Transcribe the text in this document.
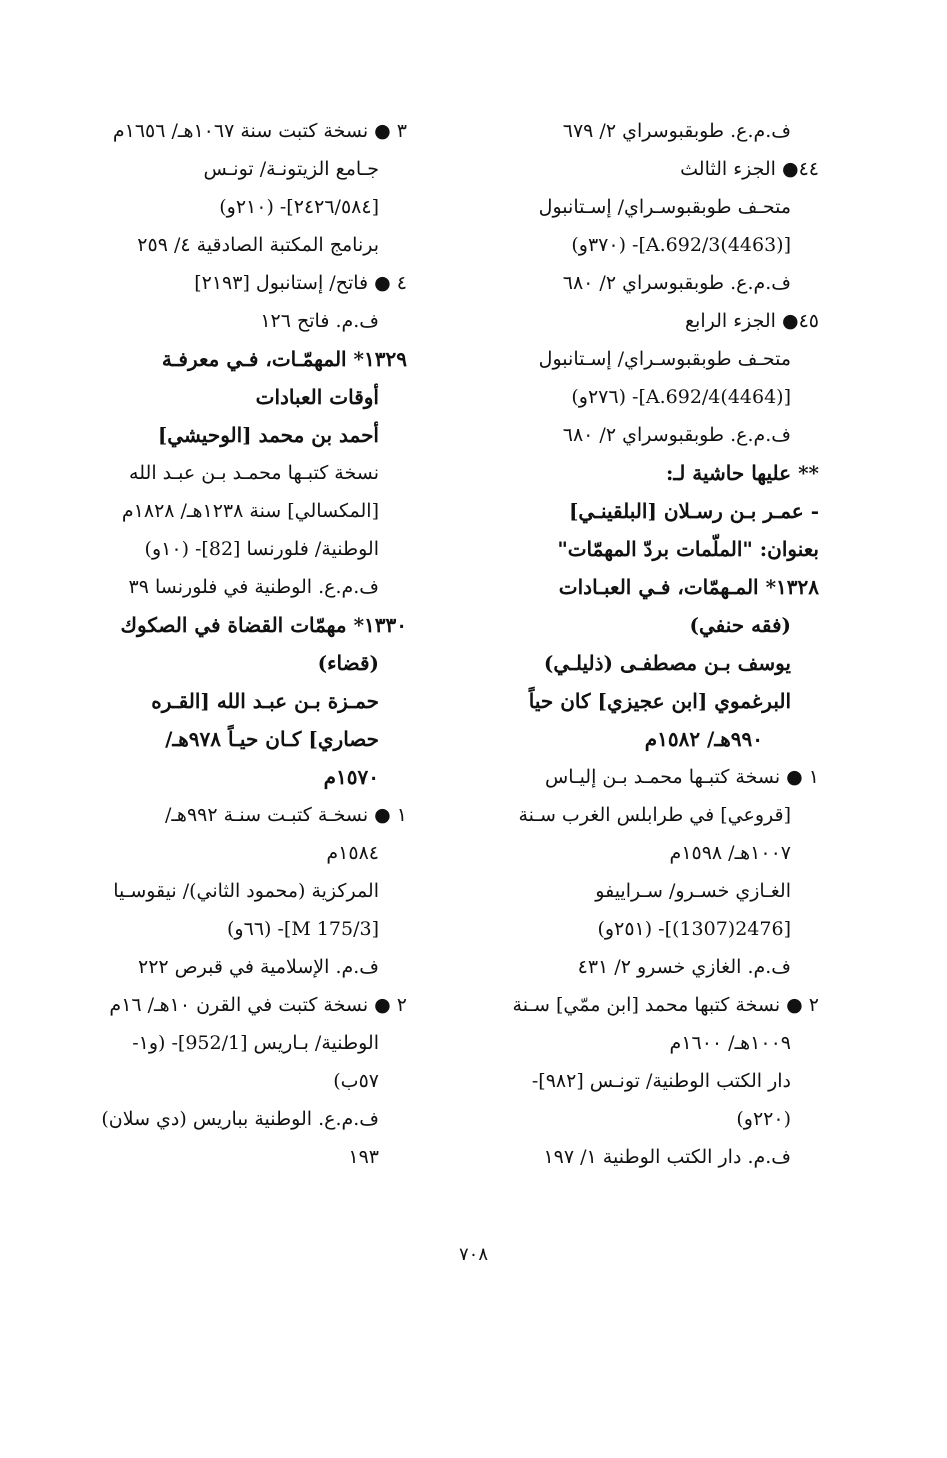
ف.م.ع. طوبقبوسراي ٢/ ٦٧٩
٤٤● الجزء الثالث
متحـف طوبقبوسـراي/ إسـتانبول
[(4463)A.692/3]- (٣٧٠و)
ف.م.ع. طوبقبوسراي ٢/ ٦٨٠
٤٥● الجزء الرابع
متحـف طوبقبوسـراي/ إسـتانبول
[(4464)A.692/4]- (٢٧٦و)
ف.م.ع. طوبقبوسراي ٢/ ٦٨٠
** عليها حاشية لـ:
- عمـر بـن رسـلان [البلقينـي]
بعنوان: "الملّمات بردّ المهمّات"
١٣٢٨* المـهمّات، فـي العبـادات
(فقه حنفي)
يوسف بـن مصطفـى (ذليلـي)
البرغموي [ابن عجيزي] كان حياً
٩٩٠هـ/ ١٥٨٢م
١ ● نسخة كتبـها محمـد بـن إليـاس
[قروعي] في طرابلس الغرب سـنة
١٠٠٧هـ/ ١٥٩٨م
الغـازي خسـرو/ سـراييفو
[2476(1307)]- (٢٥١و)
ف.م. الغازي خسرو ٢/ ٤٣١
٢ ● نسخة كتبها محمد [ابن ممّي] سـنة
١٠٠٩هـ/ ١٦٠٠م
دار الكتب الوطنية/ تونـس [٩٨٢]-
(٢٢٠و)
ف.م. دار الكتب الوطنية ١/ ١٩٧
٣ ● نسخة كتبت سنة ١٠٦٧هـ/ ١٦٥٦م
جـامع الزيتونـة/ تونـس
[٢٤٢٦/٥٨٤]- (٢١٠و)
برنامج المكتبة الصادقية ٤/ ٢٥٩
٤ ● فاتح/ إستانبول [٢١٩٣]
ف.م. فاتح ١٢٦
١٣٢٩* المهمّـات، فـي معرفـة
أوقات العبادات
أحمد بن محمد [الوحيشي]
نسخة كتبـها محمـد بـن عبـد الله
[المكسالي] سنة ١٢٣٨هـ/ ١٨٢٨م
الوطنية/ فلورنسا [82]- (١٠و)
ف.م.ع. الوطنية في فلورنسا ٣٩
١٣٣٠* مهمّات القضاة في الصكوك
(قضاء)
حمـزة بـن عبـد الله [القـره
حصاري] كـان حيـاً ٩٧٨هـ/
١٥٧٠م
١ ● نسخـة كتبـت سنـة ٩٩٢هـ/
١٥٨٤م
المركزية (محمود الثاني)/ نيقوسـيا
[M 175/3]- (٦٦و)
ف.م. الإسلامية في قبرص ٢٢٢
٢ ● نسخة كتبت في القرن ١٠هـ/ ١٦م
الوطنية/ بـاريس [952/1]- (و١-
٥٧ب)
ف.م.ع. الوطنية بباريس (دي سلان)
١٩٣
٧٠٨
